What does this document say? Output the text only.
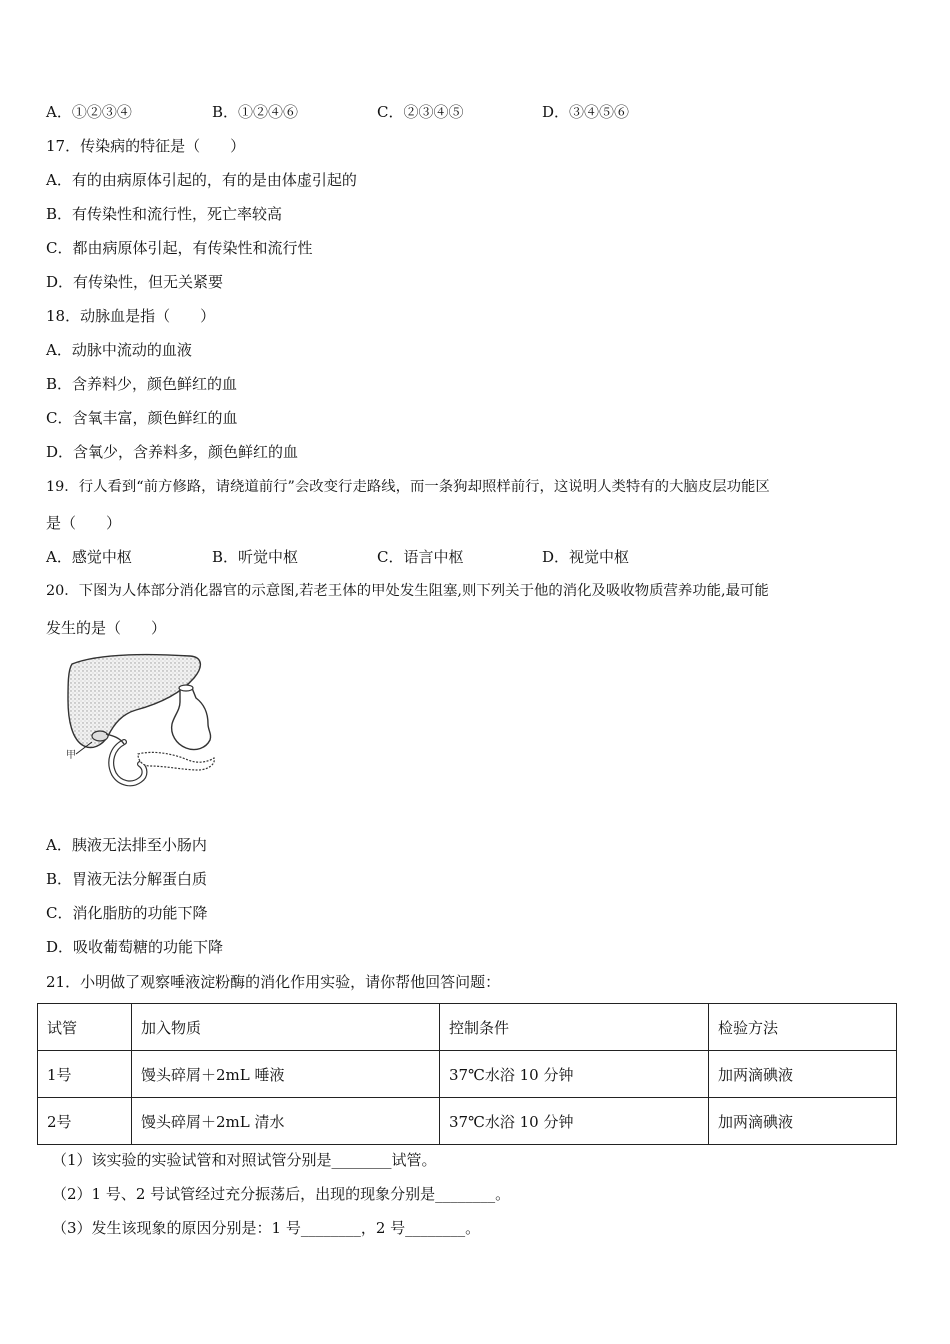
A．①②③④	B．①②④⑥	C．②③④⑤	D．③④⑤⑥
17．传染病的特征是（　　）
A．有的由病原体引起的，有的是由体虚引起的
B．有传染性和流行性，死亡率较高
C．都由病原体引起，有传染性和流行性
D．有传染性，但无关紧要
18．动脉血是指（　　）
A．动脉中流动的血液
B．含养料少，颜色鲜红的血
C．含氧丰富，颜色鲜红的血
D．含氧少，含养料多，颜色鲜红的血
19．行人看到“前方修路，请绕道前行”会改变行走路线，而一条狗却照样前行，这说明人类特有的大脑皮层功能区
是（　　）
A．感觉中枢	B．听觉中枢	C．语言中枢	D．视觉中枢
20．下图为人体部分消化器官的示意图,若老王体的甲处发生阻塞,则下列关于他的消化及吸收物质营养功能,最可能
发生的是（　　）
甲
A．胰液无法排至小肠内
B．胃液无法分解蛋白质
C．消化脂肪的功能下降
D．吸收葡萄糖的功能下降
21．小明做了观察唾液淀粉酶的消化作用实验，请你帮他回答问题：
试管	加入物质	控制条件	检验方法
1号	馒头碎屑＋2mL 唾液	37℃水浴 10 分钟	加两滴碘液
2号	馒头碎屑＋2mL 清水	37℃水浴 10 分钟	加两滴碘液
（1）该实验的实验试管和对照试管分别是________试管。
（2）1 号、2 号试管经过充分振荡后，出现的现象分别是________。
（3）发生该现象的原因分别是：1 号________，2 号________。
